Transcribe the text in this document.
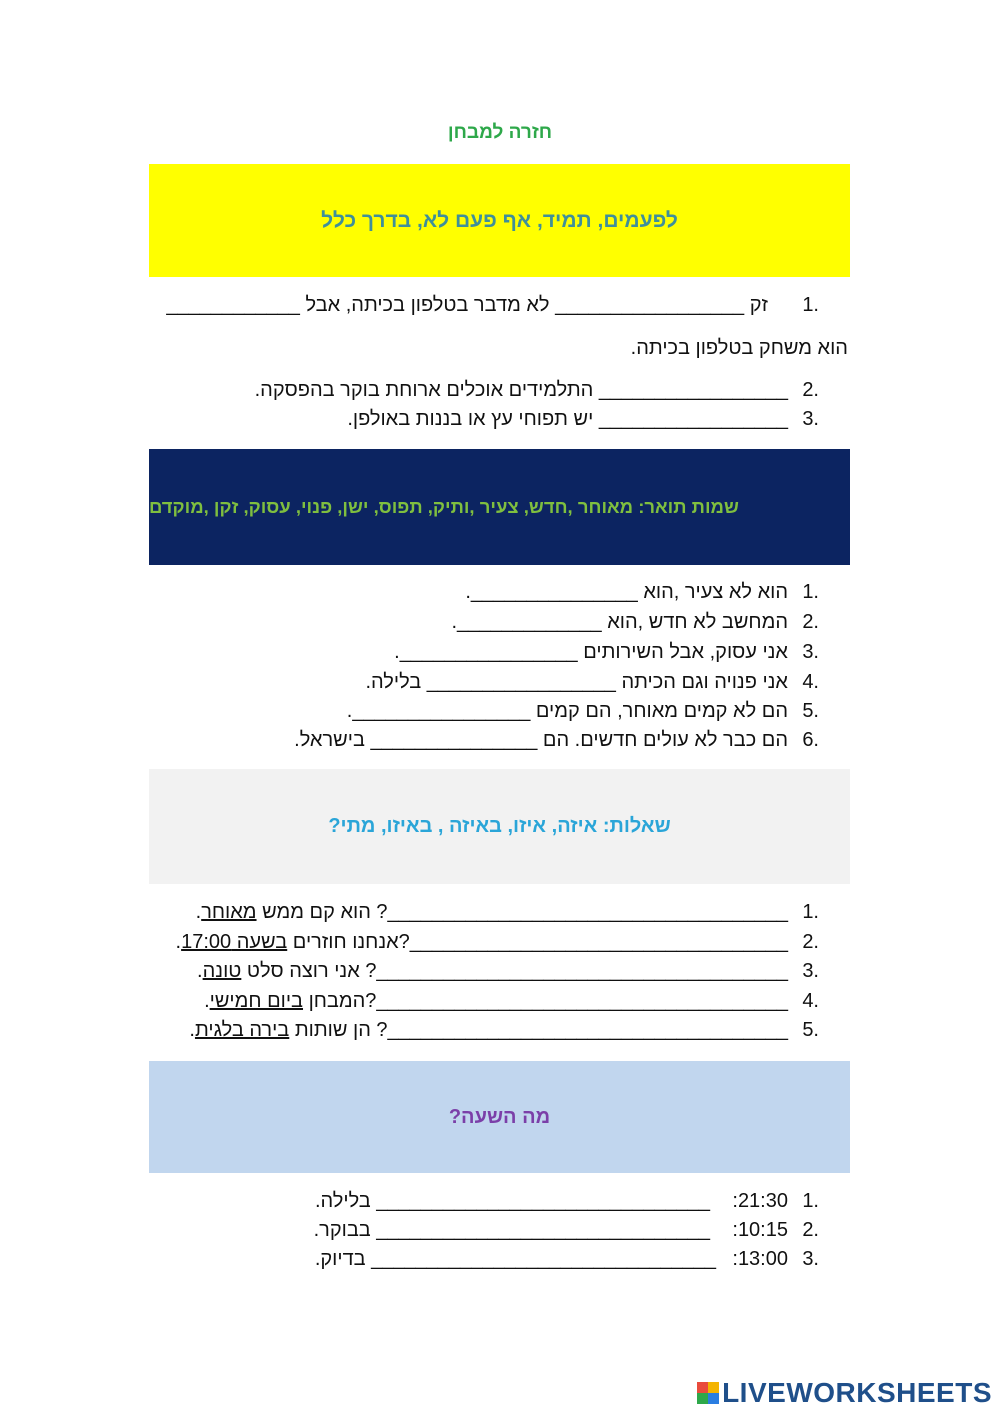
חזרה למבחן
לפעמים, תמיד, אף פעם לא, בדרך כלל
1.
זק _________________ לא מדבר בטלפון בכיתה, אבל ____________
הוא משחק בטלפון בכיתה.
2.
_________________ התלמידים אוכלים ארוחת בוקר בהפסקה.
3.
_________________ יש תפוחי עץ או בננות באולפן.
שמות תואר: מאוחר ,חדש, צעיר ,ותיק, תפוס, ישן, פנוי, עסוק, זקן ,מוקדם
1.
הוא לא צעיר ,הוא _______________.
2.
המחשב לא חדש ,הוא _____________.
3.
אני עסוק, אבל השירותים ________________.
4.
אני פנויה וגם הכיתה _________________ בלילה.
5.
הם לא קמים מאוחר, הם קמים ________________.
6.
הם כבר לא עולים חדשים. הם _______________ בישראל.
שאלות: איזה, איזו, באיזה , באיזו, מתי?
1.
____________________________________? הוא קם ממש מאוחר.
2.
__________________________________?אנחנו חוזרים בשעה 17:00.
3.
_____________________________________? אני רוצה סלט טונה.
4.
_____________________________________?המבחן ביום חמישי.
5.
____________________________________? הן שותות בירה בלגית.
מה השעה?
1.
:21:30
______________________________ בלילה.
2.
:10:15
______________________________ בבוקר.
3.
:13:00
_______________________________ בדיוק.
LIVEWORKSHEETS
